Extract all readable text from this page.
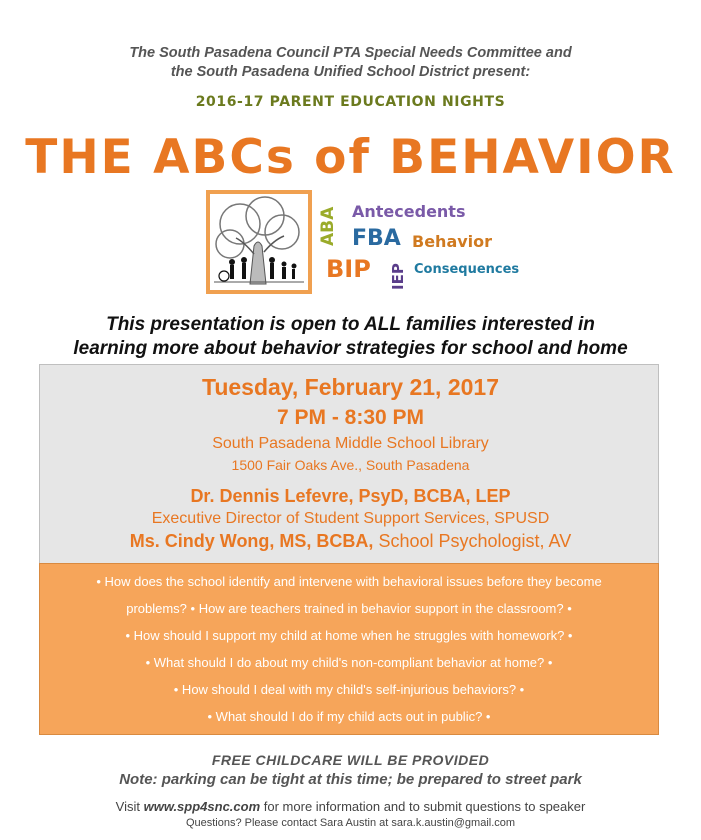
The South Pasadena Council PTA Special Needs Committee and
the South Pasadena Unified School District present:
2016-17 PARENT EDUCATION NIGHTS
THE ABCs of BEHAVIOR
ABA FBA
BIP IEP
Antecedents
Behavior
Consequences
This presentation is open to ALL families interested in
learning more about behavior strategies for school and home
Tuesday, February 21, 2017
7 PM - 8:30 PM
South Pasadena Middle School Library
1500 Fair Oaks Ave., South Pasadena
Dr. Dennis Lefevre, PsyD, BCBA, LEP
Executive Director of Student Support Services, SPUSD
Ms. Cindy Wong, MS, BCBA, School Psychologist, AV
• How does the school identify and intervene with behavioral issues before they become
problems? • How are teachers trained in behavior support in the classroom? •
• How should I support my child at home when he struggles with homework? •
• What should I do about my child's non-compliant behavior at home? •
• How should I deal with my child's self-injurious behaviors? •
• What should I do if my child acts out in public? •
FREE CHILDCARE WILL BE PROVIDED
Note: parking can be tight at this time; be prepared to street park
Visit www.spp4snc.com for more information and to submit questions to speaker
Questions? Please contact Sara Austin at sara.k.austin@gmail.com
